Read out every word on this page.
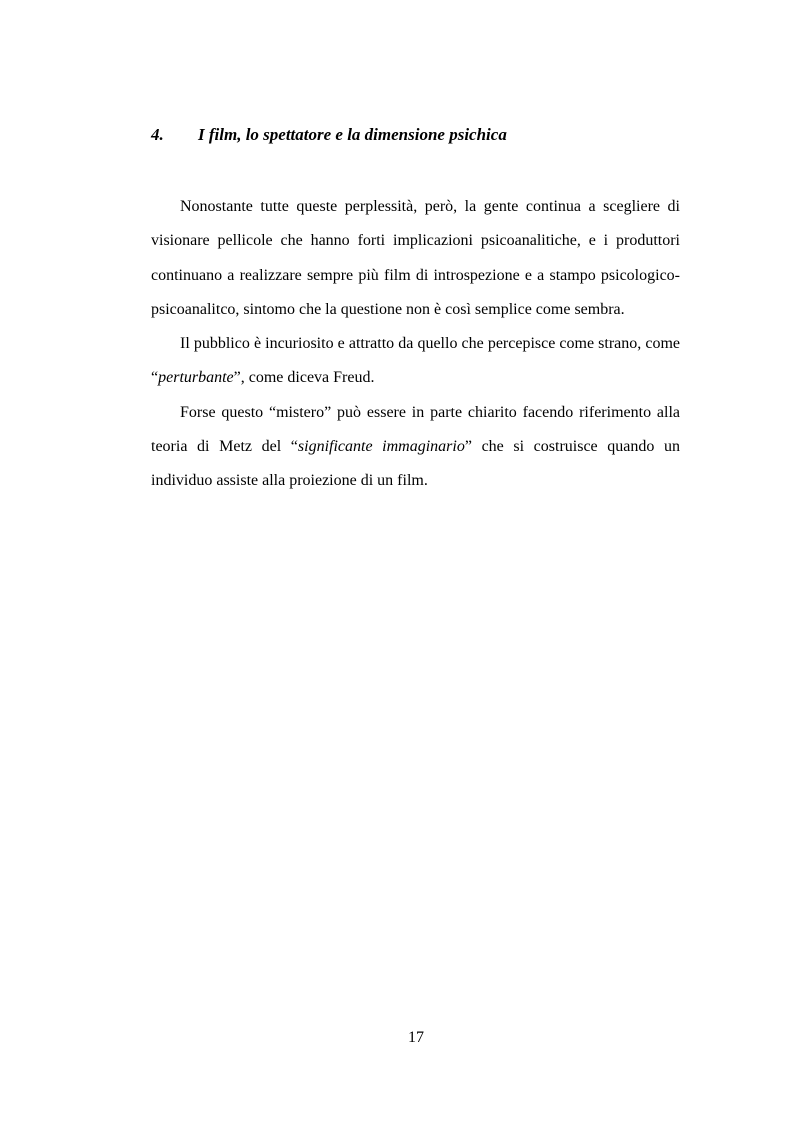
4. I film, lo spettatore e la dimensione psichica

Nonostante tutte queste perplessità, però, la gente continua a scegliere di visionare pellicole che hanno forti implicazioni psicoanalitiche, e i produttori continuano a realizzare sempre più film di introspezione e a stampo psicologico-psicoanalitco, sintomo che la questione non è così semplice come sembra.

Il pubblico è incuriosito e attratto da quello che percepisce come strano, come “perturbante”, come diceva Freud.

Forse questo “mistero” può essere in parte chiarito facendo riferimento alla teoria di Metz del “significante immaginario” che si costruisce quando un individuo assiste alla proiezione di un film.

17
